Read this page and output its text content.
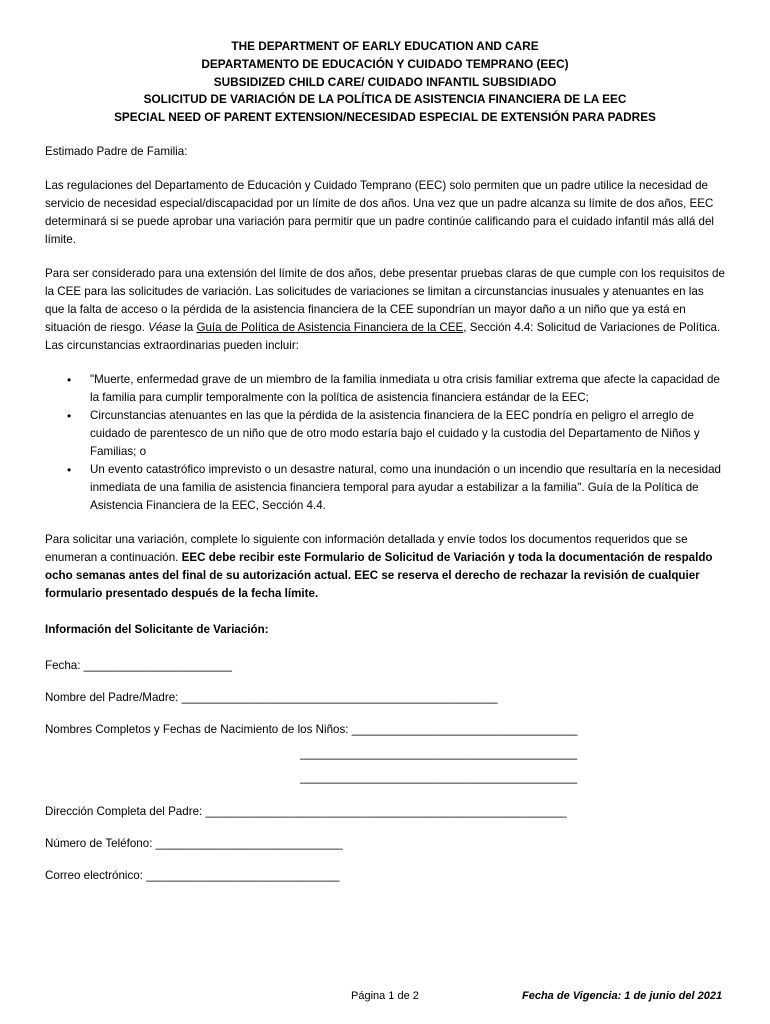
THE DEPARTMENT OF EARLY EDUCATION AND CARE
DEPARTAMENTO DE EDUCACIÓN Y CUIDADO TEMPRANO (EEC)
SUBSIDIZED CHILD CARE/ CUIDADO INFANTIL SUBSIDIADO
SOLICITUD DE VARIACIÓN DE LA POLÍTICA DE ASISTENCIA FINANCIERA DE LA EEC
SPECIAL NEED OF PARENT EXTENSION/NECESIDAD ESPECIAL DE EXTENSIÓN PARA PADRES

Estimado Padre de Familia:

Las regulaciones del Departamento de Educación y Cuidado Temprano (EEC) solo permiten que un padre utilice la necesidad de servicio de necesidad especial/discapacidad por un límite de dos años. Una vez que un padre alcanza su límite de dos años, EEC determinará si se puede aprobar una variación para permitir que un padre continúe calificando para el cuidado infantil más allá del límite.

Para ser considerado para una extensión del límite de dos años, debe presentar pruebas claras de que cumple con los requisitos de la CEE para las solicitudes de variación. Las solicitudes de variaciones se limitan a circunstancias inusuales y atenuantes en las que la falta de acceso o la pérdida de la asistencia financiera de la CEE supondrían un mayor daño a un niño que ya está en situación de riesgo. Véase la Guía de Política de Asistencia Financiera de la CEE, Sección 4.4: Solicitud de Variaciones de Política. Las circunstancias extraordinarias pueden incluir:

• "Muerte, enfermedad grave de un miembro de la familia inmediata u otra crisis familiar extrema que afecte la capacidad de la familia para cumplir temporalmente con la política de asistencia financiera estándar de la EEC;
• Circunstancias atenuantes en las que la pérdida de la asistencia financiera de la EEC pondría en peligro el arreglo de cuidado de parentesco de un niño que de otro modo estaría bajo el cuidado y la custodia del Departamento de Niños y Familias; o
• Un evento catastrófico imprevisto o un desastre natural, como una inundación o un incendio que resultaría en la necesidad inmediata de una familia de asistencia financiera temporal para ayudar a estabilizar a la familia". Guía de la Política de Asistencia Financiera de la EEC, Sección 4.4.

Para solicitar una variación, complete lo siguiente con información detallada y envíe todos los documentos requeridos que se enumeran a continuación. EEC debe recibir este Formulario de Solicitud de Variación y toda la documentación de respaldo ocho semanas antes del final de su autorización actual. EEC se reserva el derecho de rechazar la revisión de cualquier formulario presentado después de la fecha límite.

Información del Solicitante de Variación:

Fecha: _______________________

Nombre del Padre/Madre: _________________________________________________

Nombres Completos y Fechas de Nacimiento de los Niños: ___________________________________

___________________________________________

___________________________________________

Dirección Completa del Padre: ________________________________________________________

Número de Teléfono: _____________________________

Correo electrónico: ______________________________

Página 1 de 2	Fecha de Vigencia: 1 de junio del 2021
